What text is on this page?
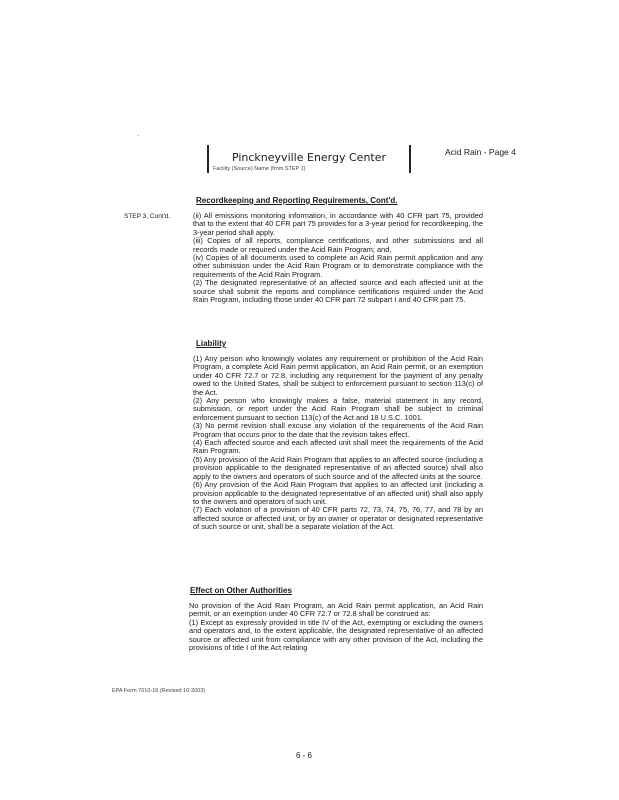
-
Pinckneyville Energy Center
Facility (Source) Name (from STEP 1)
Acid Rain - Page 4
Recordkeeping and Reporting Requirements, Cont'd.
STEP 3, Cont'd.	(ii) All emissions monitoring information, in accordance with 40 CFR part 75, provided that to the extent that 40 CFR part 75 provides for a 3-year period for recordkeeping, the 3-year period shall apply.

(iii) Copies of all reports, compliance certifications, and other submissions and all records made or required under the Acid Rain Program; and,

(iv) Copies of all documents used to complete an Acid Rain permit application and any other submission under the Acid Rain Program or to demonstrate compliance with the requirements of the Acid Rain Program.

(2) The designated representative of an affected source and each affected unit at the source shall submit the reports and compliance certifications required under the Acid Rain Program, including those under 40 CFR part 72 subpart I and 40 CFR part 75.

Liability

(1) Any person who knowingly violates any requirement or prohibition of the Acid Rain Program, a complete Acid Rain permit application, an Acid Rain permit, or an exemption under 40 CFR 72.7 or 72.8, including any requirement for the payment of any penalty owed to the United States, shall be subject to enforcement pursuant to section 113(c) of the Act.

(2) Any person who knowingly makes a false, material statement in any record, submission, or report under the Acid Rain Program shall be subject to criminal enforcement pursuant to section 113(c) of the Act and 18 U.S.C. 1001.

(3) No permit revision shall excuse any violation of the requirements of the Acid Rain Program that occurs prior to the date that the revision takes effect.

(4) Each affected source and each affected unit shall meet the requirements of the Acid Rain Program.

(5) Any provision of the Acid Rain Program that applies to an affected source (including a provision applicable to the designated representative of an affected source) shall also apply to the owners and operators of such source and of the affected units at the source.

(6) Any provision of the Acid Rain Program that applies to an affected unit (including a provision applicable to the designated representative of an affected unit) shall also apply to the owners and operators of such unit.

(7) Each violation of a provision of 40 CFR parts 72, 73, 74, 75, 76, 77, and 78 by an affected source or affected unit, or by an owner or operator or designated representative of such source or unit, shall be a separate violation of the Act.

Effect on Other Authorities

No provision of the Acid Rain Program, an Acid Rain permit application, an Acid Rain permit, or an exemption under 40 CFR 72.7 or 72.8 shall be construed as:

(1) Except as expressly provided in title IV of the Act, exempting or excluding the owners and operators and, to the extent applicable, the designated representative of an affected source or affected unit from compliance with any other provision of the Act, including the provisions of title I of the Act relating

EPA Form 7610-16 (Revised 10-2003)
6 - 6
